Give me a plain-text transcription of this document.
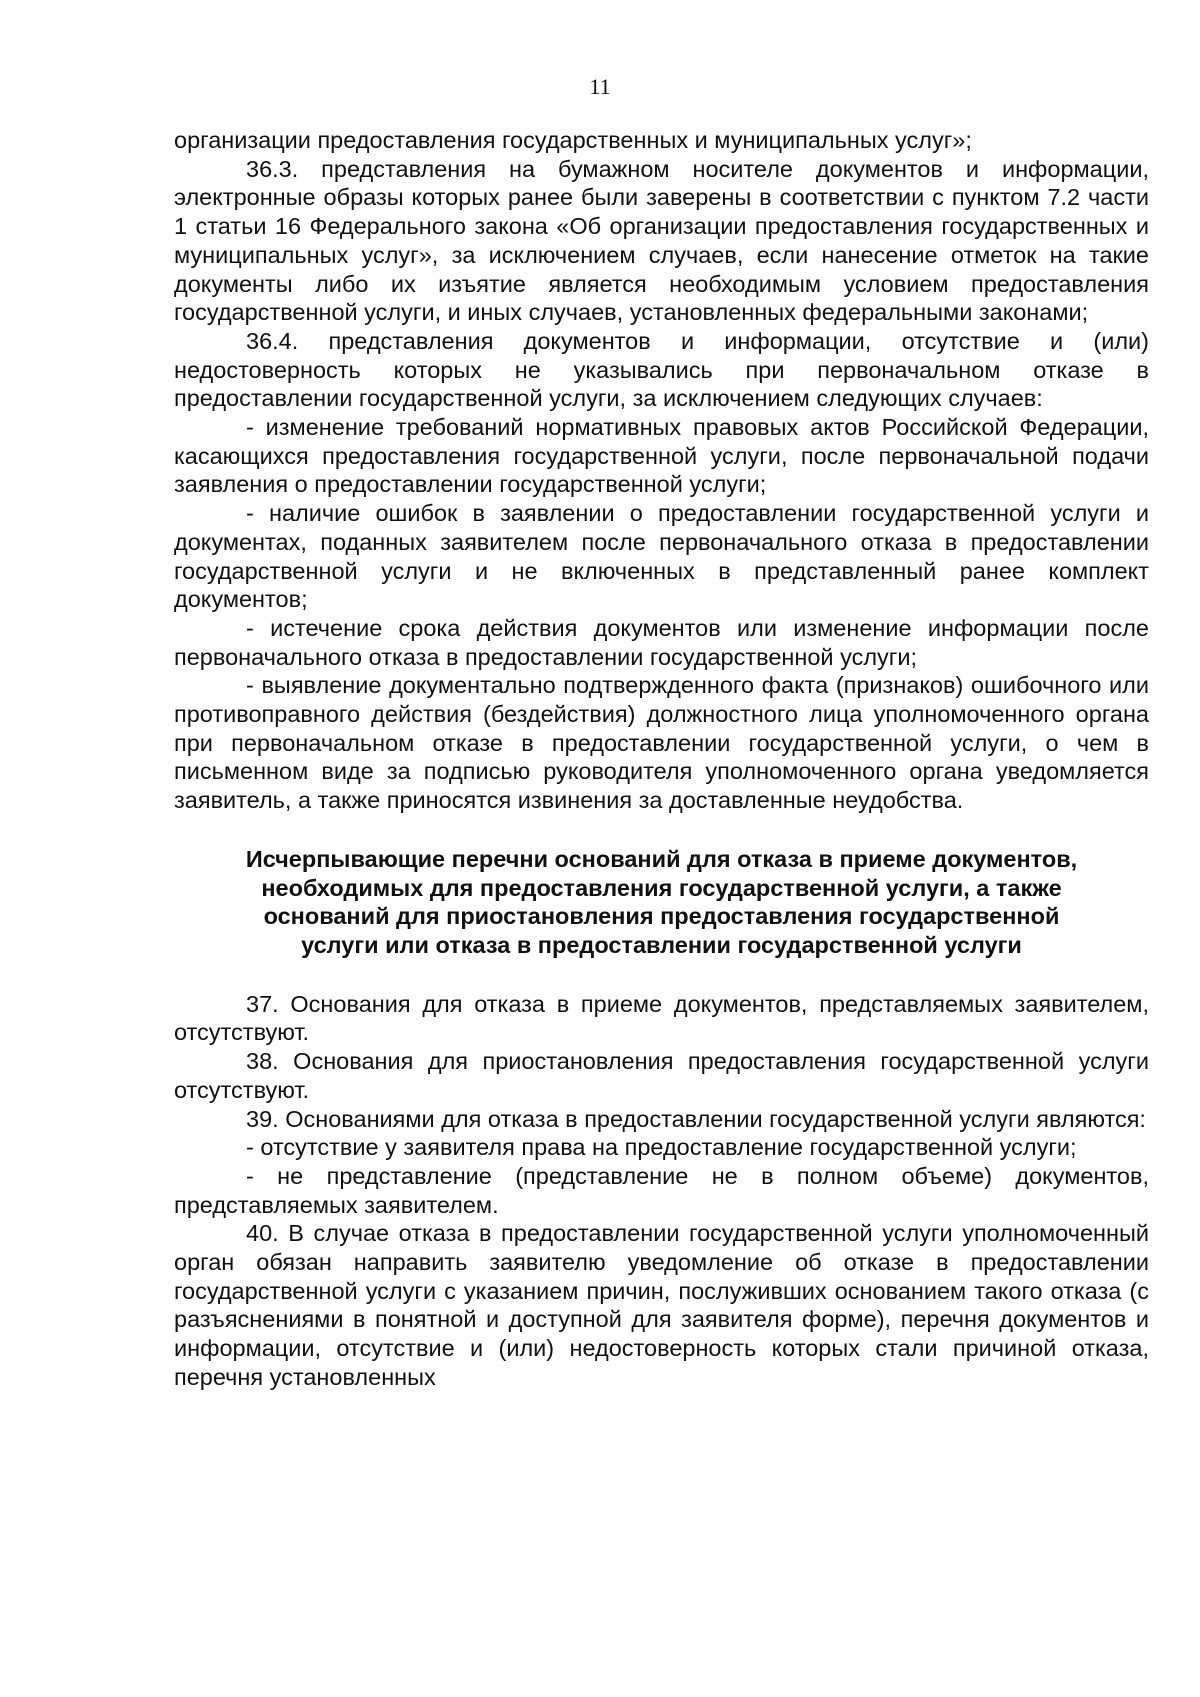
11

организации предоставления государственных и муниципальных услуг»;

36.3. представления на бумажном носителе документов и информации, электронные образы которых ранее были заверены в соответствии с пунктом 7.2 части 1 статьи 16 Федерального закона «Об организации предоставления государственных и муниципальных услуг», за исключением случаев, если нанесение отметок на такие документы либо их изъятие является необходимым условием предоставления государственной услуги, и иных случаев, установленных федеральными законами;

36.4. представления документов и информации, отсутствие и (или) недостоверность которых не указывались при первоначальном отказе в предоставлении государственной услуги, за исключением следующих случаев:

- изменение требований нормативных правовых актов Российской Федерации, касающихся предоставления государственной услуги, после первоначальной подачи заявления о предоставлении государственной услуги;

- наличие ошибок в заявлении о предоставлении государственной услуги и документах, поданных заявителем после первоначального отказа в предоставлении государственной услуги и не включенных в представленный ранее комплект документов;

- истечение срока действия документов или изменение информации после первоначального отказа в предоставлении государственной услуги;

- выявление документально подтвержденного факта (признаков) ошибочного или противоправного действия (бездействия) должностного лица уполномоченного органа при первоначальном отказе в предоставлении государственной услуги, о чем в письменном виде за подписью руководителя уполномоченного органа уведомляется заявитель, а также приносятся извинения за доставленные неудобства.

Исчерпывающие перечни оснований для отказа в приеме документов, необходимых для предоставления государственной услуги, а также оснований для приостановления предоставления государственной услуги или отказа в предоставлении государственной услуги

37. Основания для отказа в приеме документов, представляемых заявителем, отсутствуют.

38. Основания для приостановления предоставления государственной услуги отсутствуют.

39. Основаниями для отказа в предоставлении государственной услуги являются:

- отсутствие у заявителя права на предоставление государственной услуги;

- не представление (представление не в полном объеме) документов, представляемых заявителем.

40. В случае отказа в предоставлении государственной услуги уполномоченный орган обязан направить заявителю уведомление об отказе в предоставлении государственной услуги с указанием причин, послуживших основанием такого отказа (с разъяснениями в понятной и доступной для заявителя форме), перечня документов и информации, отсутствие и (или) недостоверность которых стали причиной отказа, перечня установленных
